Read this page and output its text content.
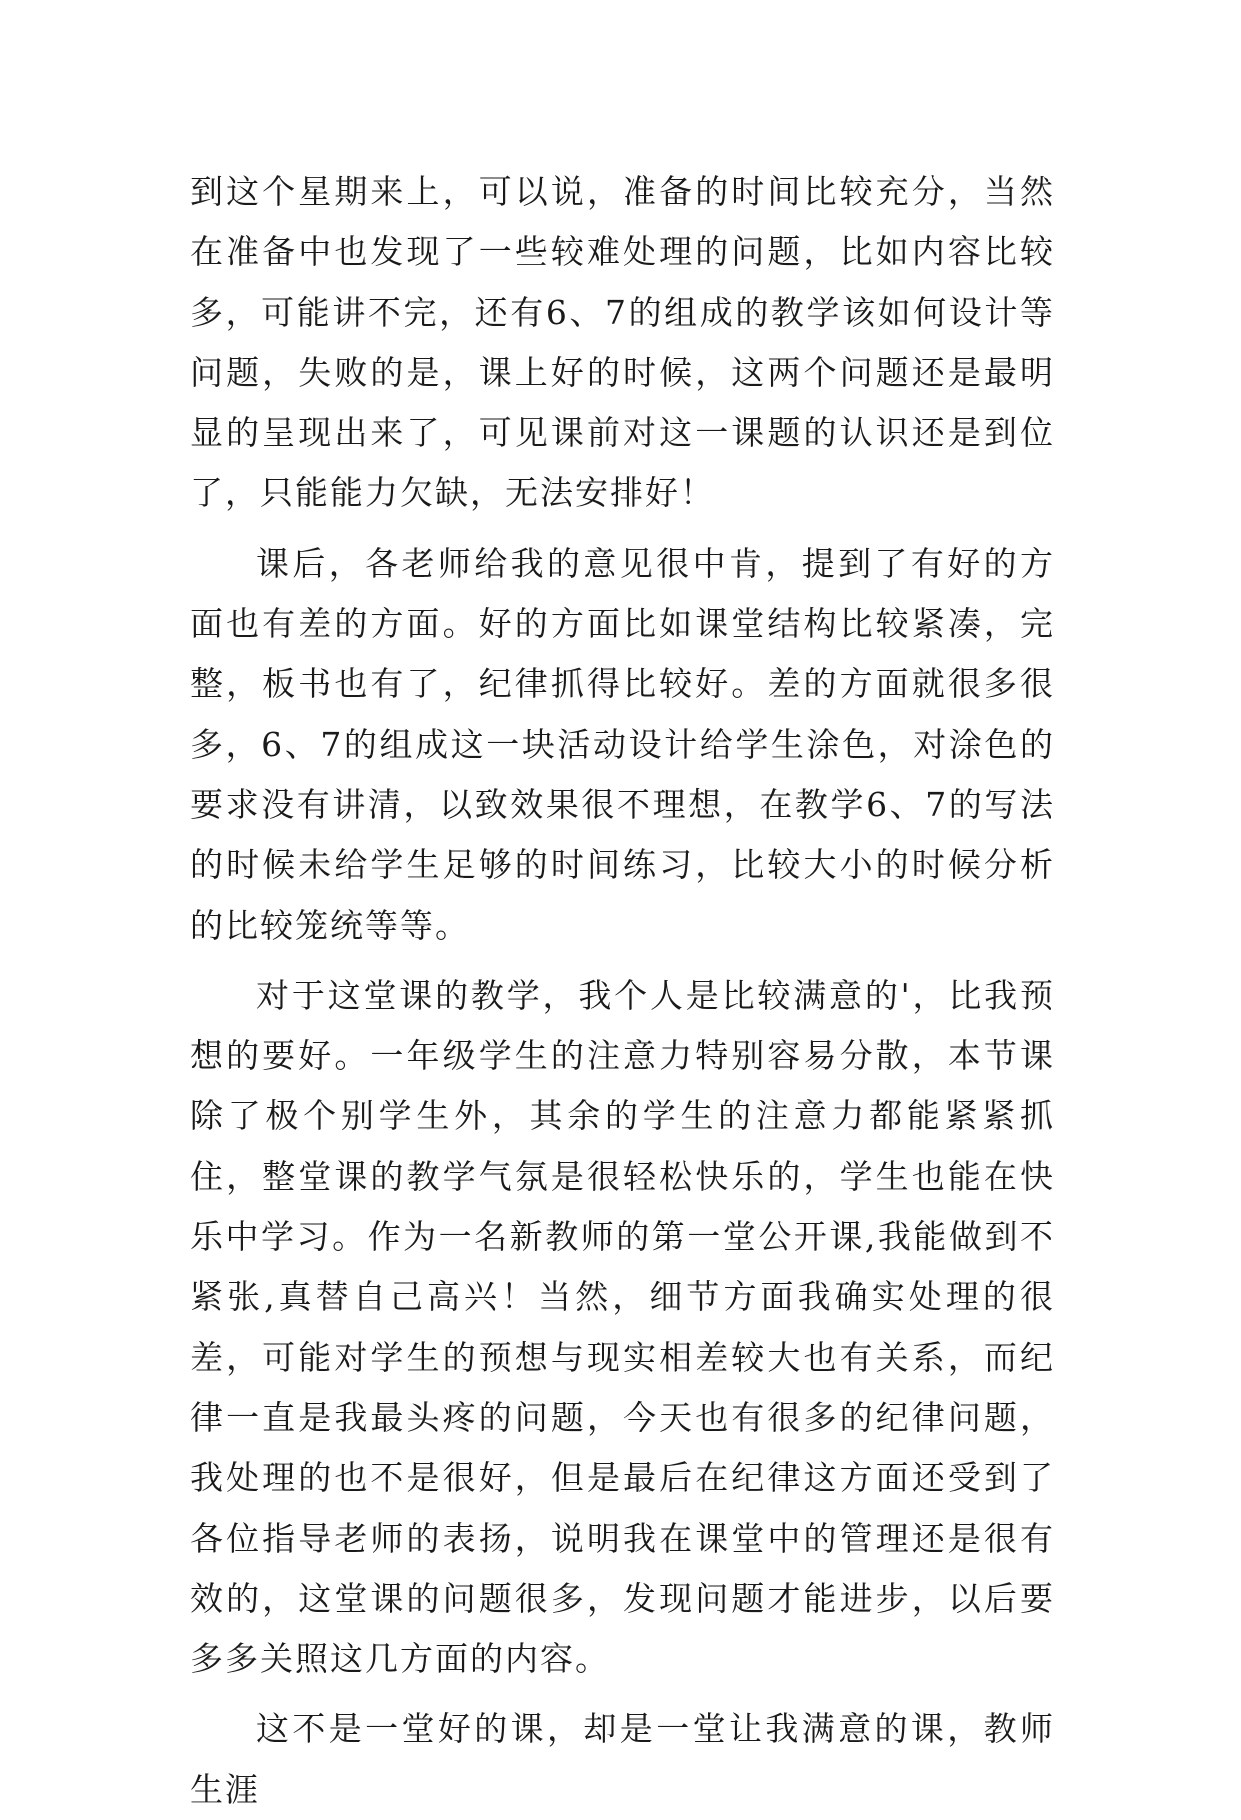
到这个星期来上，可以说，准备的时间比较充分，当然在准备中也发现了一些较难处理的问题，比如内容比较多，可能讲不完，还有6、7的组成的教学该如何设计等问题，失败的是，课上好的时候，这两个问题还是最明显的呈现出来了，可见课前对这一课题的认识还是到位了，只能能力欠缺，无法安排好！

课后，各老师给我的意见很中肯，提到了有好的方面也有差的方面。好的方面比如课堂结构比较紧凑，完整，板书也有了，纪律抓得比较好。差的方面就很多很多，6、7的组成这一块活动设计给学生涂色，对涂色的要求没有讲清，以致效果很不理想，在教学6、7的写法的时候未给学生足够的时间练习，比较大小的时候分析的比较笼统等等。

对于这堂课的教学，我个人是比较满意的'，比我预想的要好。一年级学生的注意力特别容易分散，本节课除了极个别学生外，其余的学生的注意力都能紧紧抓住，整堂课的教学气氛是很轻松快乐的，学生也能在快乐中学习。作为一名新教师的第一堂公开课,我能做到不紧张,真替自己高兴！当然，细节方面我确实处理的很差，可能对学生的预想与现实相差较大也有关系，而纪律一直是我最头疼的问题，今天也有很多的纪律问题，我处理的也不是很好，但是最后在纪律这方面还受到了各位指导老师的表扬，说明我在课堂中的管理还是很有效的，这堂课的问题很多，发现问题才能进步，以后要多多关照这几方面的内容。

这不是一堂好的课，却是一堂让我满意的课，教师生涯
